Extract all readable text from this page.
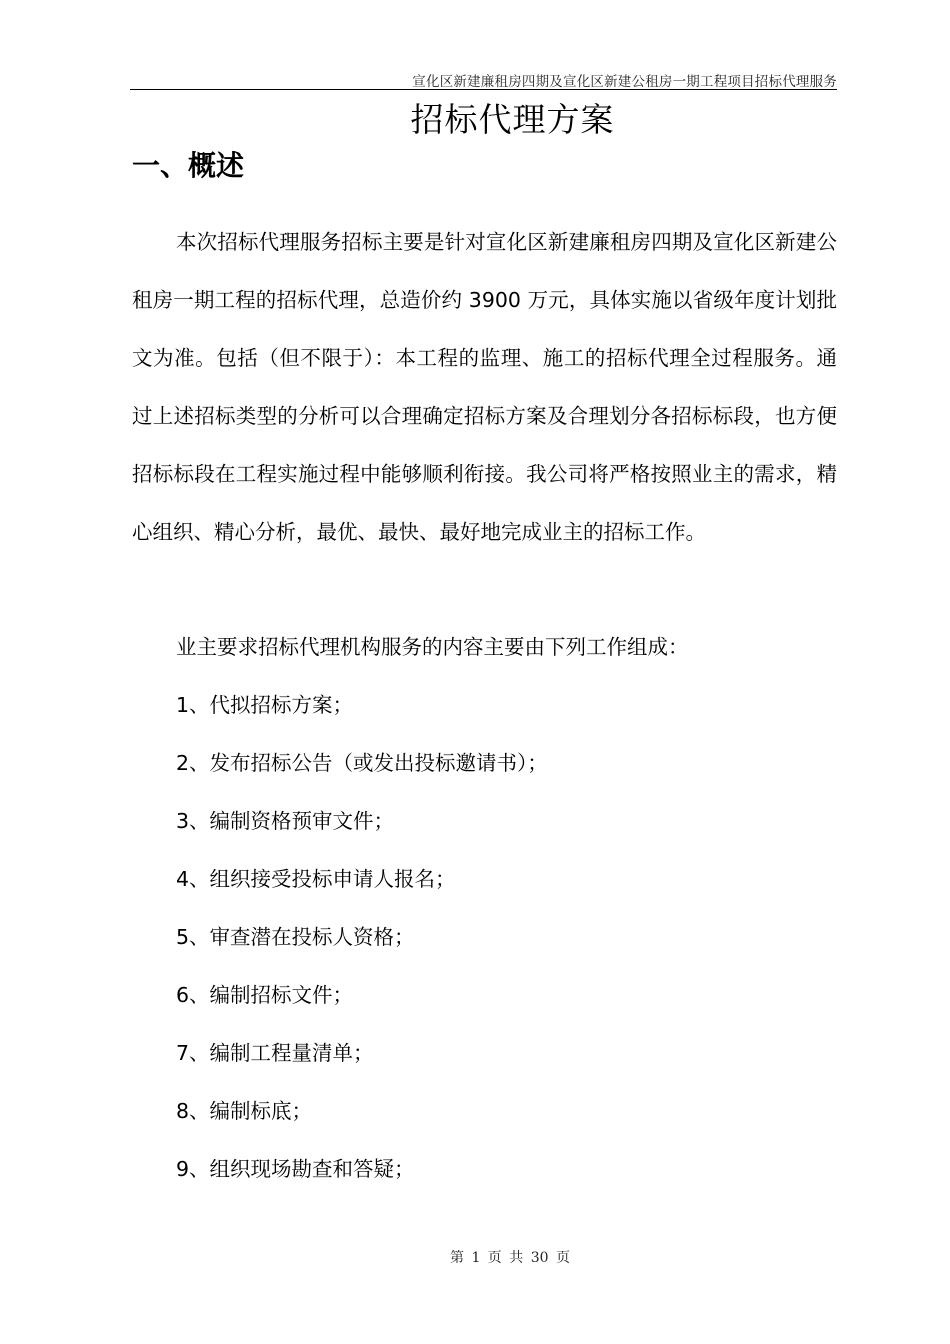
宣化区新建廉租房四期及宣化区新建公租房一期工程项目招标代理服务
招标代理方案
一、概述

本次招标代理服务招标主要是针对宣化区新建廉租房四期及宣化区新建公租房一期工程的招标代理，总造价约 3900 万元，具体实施以省级年度计划批文为准。包括（但不限于）：本工程的监理、施工的招标代理全过程服务。通过上述招标类型的分析可以合理确定招标方案及合理划分各招标标段，也方便招标标段在工程实施过程中能够顺利衔接。我公司将严格按照业主的需求，精心组织、精心分析，最优、最快、最好地完成业主的招标工作。

业主要求招标代理机构服务的内容主要由下列工作组成：
1、代拟招标方案；
2、发布招标公告（或发出投标邀请书）；
3、编制资格预审文件；
4、组织接受投标申请人报名；
5、审查潜在投标人资格；
6、编制招标文件；
7、编制工程量清单；
8、编制标底；
9、组织现场勘查和答疑；
第 1 页 共 30 页
